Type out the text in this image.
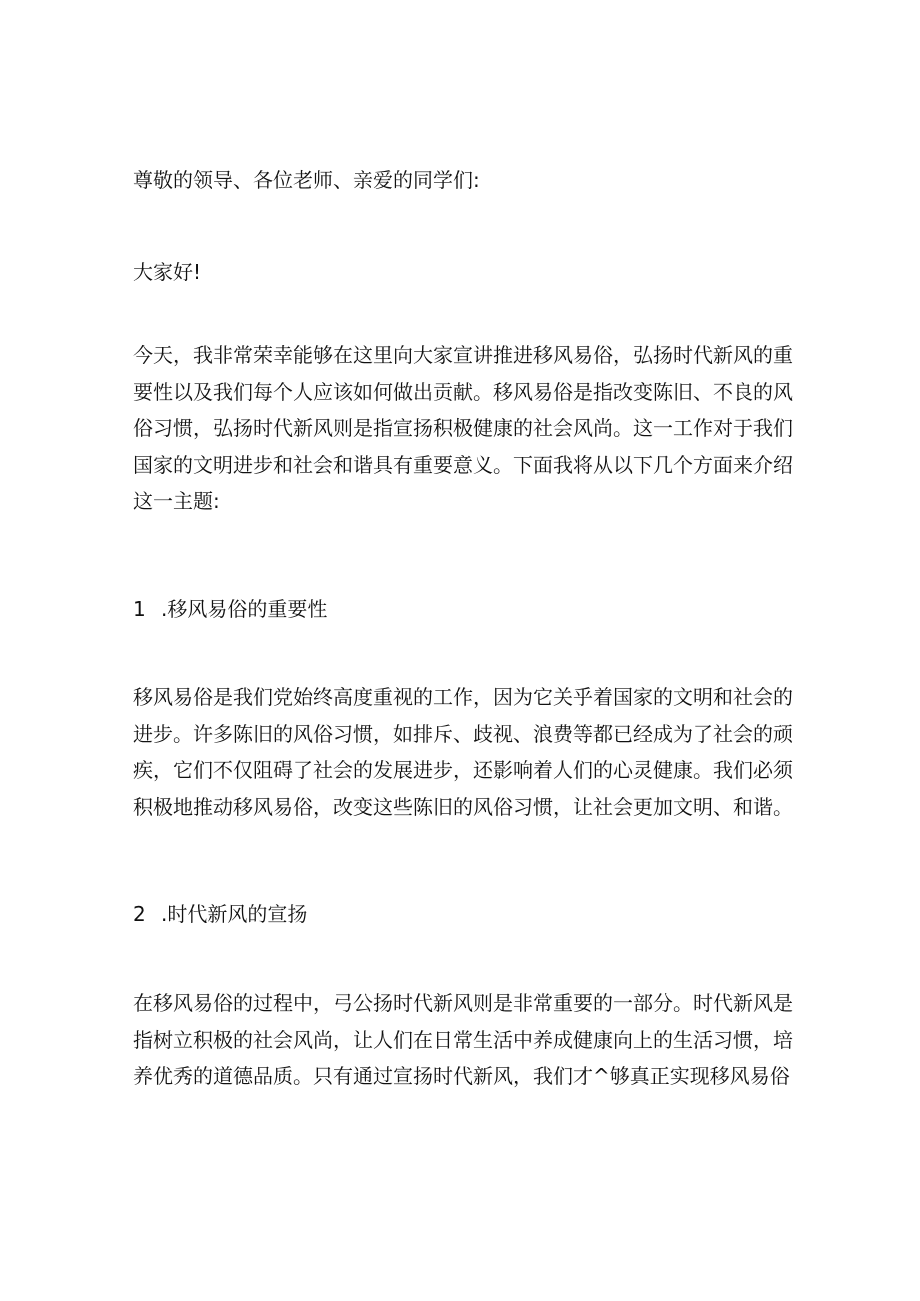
尊敬的领导、各位老师、亲爱的同学们:

大家好!

今天，我非常荣幸能够在这里向大家宣讲推进移风易俗，弘扬时代新风的重
要性以及我们每个人应该如何做出贡献。移风易俗是指改变陈旧、不良的风
俗习惯，弘扬时代新风则是指宣扬积极健康的社会风尚。这一工作对于我们
国家的文明进步和社会和谐具有重要意义。下面我将从以下几个方面来介绍
这一主题:

1 .移风易俗的重要性

移风易俗是我们党始终高度重视的工作，因为它关乎着国家的文明和社会的
进步。许多陈旧的风俗习惯，如排斥、歧视、浪费等都已经成为了社会的顽
疾，它们不仅阻碍了社会的发展进步，还影响着人们的心灵健康。我们必须
积极地推动移风易俗，改变这些陈旧的风俗习惯，让社会更加文明、和谐。

2 .时代新风的宣扬

在移风易俗的过程中，弓公扬时代新风则是非常重要的一部分。时代新风是
指树立积极的社会风尚，让人们在日常生活中养成健康向上的生活习惯，培
养优秀的道德品质。只有通过宣扬时代新风，我们才^够真正实现移风易俗
